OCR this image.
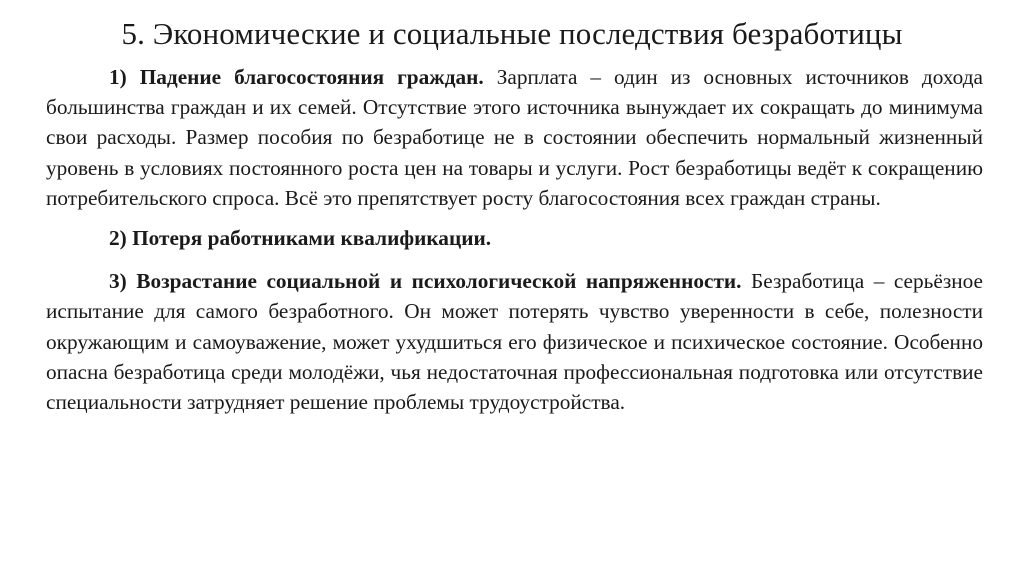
5. Экономические и социальные последствия безработицы

1) Падение благосостояния граждан. Зарплата – один из основных источников дохода большинства граждан и их семей. Отсутствие этого источника вынуждает их сокращать до минимума свои расходы. Размер пособия по безработице не в состоянии обеспечить нормальный жизненный уровень в условиях постоянного роста цен на товары и услуги. Рост безработицы ведёт к сокращению потребительского спроса. Всё это препятствует росту благосостояния всех граждан страны.

2) Потеря работниками квалификации.

3) Возрастание социальной и психологической напряженности. Безработица – серьёзное испытание для самого безработного. Он может потерять чувство уверенности в себе, полезности окружающим и самоуважение, может ухудшиться его физическое и психическое состояние. Особенно опасна безработица среди молодёжи, чья недостаточная профессиональная подготовка или отсутствие специальности затрудняет решение проблемы трудоустройства.
